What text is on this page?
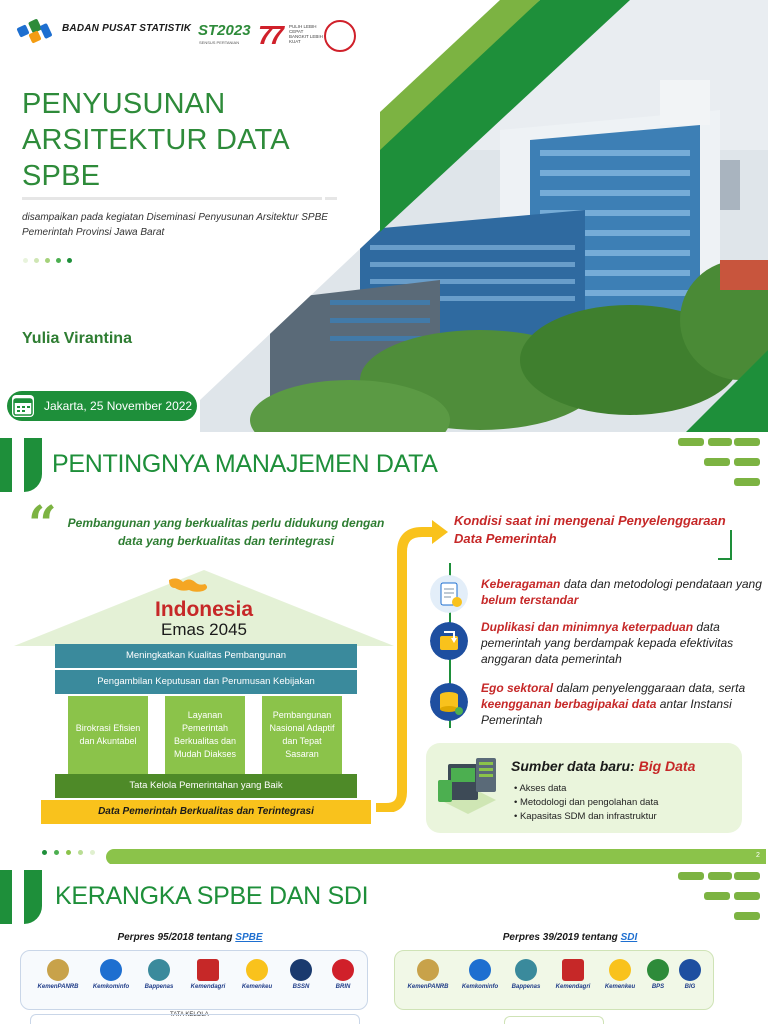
BADAN PUSAT STATISTIK ST2023
SENSUS PERTANIAN 77 PULIH LEBIH CEPAT BANGKIT LEBIH KUAT
PENYUSUNAN ARSITEKTUR DATA SPBE
disampaikan pada kegiatan Diseminasi Penyusunan Arsitektur SPBE Pemerintah Provinsi Jawa Barat
Yulia Virantina
Jakarta, 25 November 2022
PENTINGNYA MANAJEMEN DATA
“ Pembangunan yang berkualitas perlu didukung dengan data yang berkualitas dan terintegrasi
Indonesia
Emas 2045
Meningkatkan Kualitas Pembangunan
Pengambilan Keputusan dan Perumusan Kebijakan
Birokrasi Efisien dan Akuntabel
Layanan Pemerintah Berkualitas dan Mudah Diakses
Pembangunan Nasional Adaptif dan Tepat Sasaran
Tata Kelola Pemerintahan yang Baik
Data Pemerintah Berkualitas dan Terintegrasi
Kondisi saat ini mengenai Penyelenggaraan Data Pemerintah
Keberagaman data dan metodologi pendataan yang belum terstandar
Duplikasi dan minimnya keterpaduan data pemerintah yang berdampak kepada efektivitas anggaran data pemerintah
Ego sektoral dalam penyelenggaraan data, serta keengganan berbagipakai data antar Instansi Pemerintah
Sumber data baru: Big Data
• Akses data
• Metodologi dan pengolahan data
• Kapasitas SDM dan infrastruktur
2
KERANGKA SPBE DAN SDI
Perpres 95/2018 tentang SPBE	Perpres 39/2019 tentang SDI
KemenPANRB	Kemkominfo	Bappenas	Kemendagri	Kemenkeu	BSSN	BRIN
TATA KELOLA
KemenPANRB	Kemkominfo	Bappenas	Kemendagri	Kemenkeu	BPS	BIG
